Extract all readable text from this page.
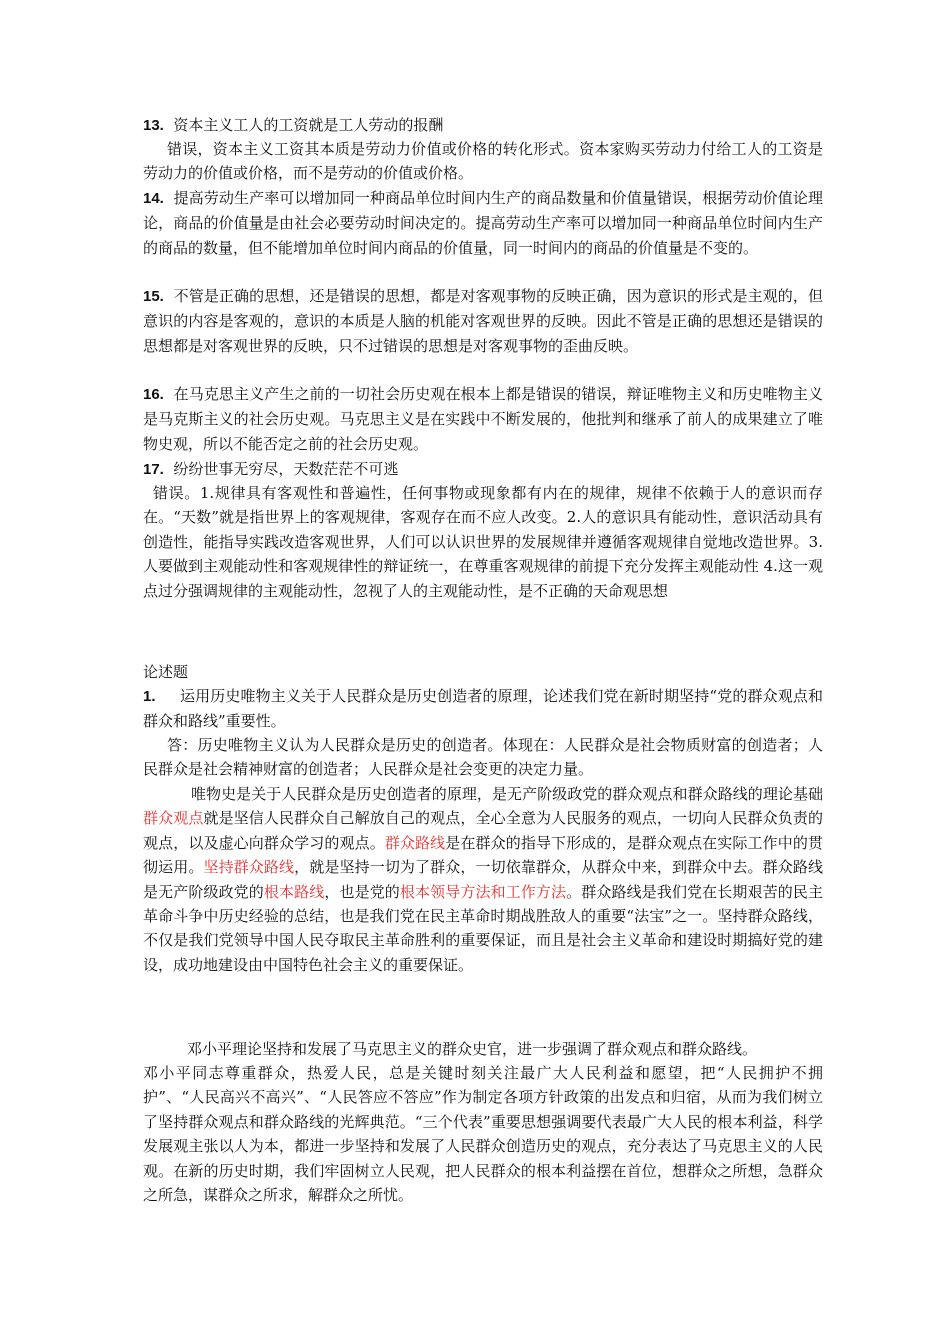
13. 资本主义工人的工资就是工人劳动的报酬

错误，资本主义工资其本质是劳动力价值或价格的转化形式。资本家购买劳动力付给工人的工资是劳动力的价值或价格，而不是劳动的价值或价格。

14. 提高劳动生产率可以增加同一种商品单位时间内生产的商品数量和价值量错误，根据劳动价值论理论，商品的价值量是由社会必要劳动时间决定的。提高劳动生产率可以增加同一种商品单位时间内生产的商品的数量，但不能增加单位时间内商品的价值量，同一时间内的商品的价值量是不变的。

15. 不管是正确的思想，还是错误的思想，都是对客观事物的反映正确，因为意识的形式是主观的，但意识的内容是客观的，意识的本质是人脑的机能对客观世界的反映。因此不管是正确的思想还是错误的思想都是对客观世界的反映，只不过错误的思想是对客观事物的歪曲反映。

16. 在马克思主义产生之前的一切社会历史观在根本上都是错误的错误，辩证唯物主义和历史唯物主义是马克斯主义的社会历史观。马克思主义是在实践中不断发展的，他批判和继承了前人的成果建立了唯物史观，所以不能否定之前的社会历史观。

17. 纷纷世事无穷尽，天数茫茫不可逃

错误。1.规律具有客观性和普遍性，任何事物或现象都有内在的规律，规律不依赖于人的意识而存在。“天数”就是指世界上的客观规律，客观存在而不应人改变。2.人的意识具有能动性，意识活动具有创造性，能指导实践改造客观世界，人们可以认识世界的发展规律并遵循客观规律自觉地改造世界。3.人要做到主观能动性和客观规律性的辩证统一，在尊重客观规律的前提下充分发挥主观能动性 4.这一观点过分强调规律的主观能动性，忽视了人的主观能动性，是不正确的天命观思想

论述题

1. 运用历史唯物主义关于人民群众是历史创造者的原理，论述我们党在新时期坚持“党的群众观点和群众和路线”重要性。

答：历史唯物主义认为人民群众是历史的创造者。体现在：人民群众是社会物质财富的创造者；人民群众是社会精神财富的创造者；人民群众是社会变更的决定力量。

唯物史是关于人民群众是历史创造者的原理，是无产阶级政党的群众观点和群众路线的理论基础群众观点就是坚信人民群众自己解放自己的观点，全心全意为人民服务的观点，一切向人民群众负责的观点，以及虚心向群众学习的观点。群众路线是在群众的指导下形成的，是群众观点在实际工作中的贯彻运用。坚持群众路线，就是坚持一切为了群众，一切依靠群众，从群众中来，到群众中去。群众路线是无产阶级政党的根本路线，也是党的根本领导方法和工作方法。群众路线是我们党在长期艰苦的民主革命斗争中历史经验的总结，也是我们党在民主革命时期战胜敌人的重要“法宝”之一。坚持群众路线，不仅是我们党领导中国人民夺取民主革命胜利的重要保证，而且是社会主义革命和建设时期搞好党的建设，成功地建设由中国特色社会主义的重要保证。

邓小平理论坚持和发展了马克思主义的群众史官，进一步强调了群众观点和群众路线。

邓小平同志尊重群众，热爱人民，总是关键时刻关注最广大人民利益和愿望，把“人民拥护不拥护”、“人民高兴不高兴”、“人民答应不答应”作为制定各项方针政策的出发点和归宿，从而为我们树立了坚持群众观点和群众路线的光辉典范。“三个代表”重要思想强调要代表最广大人民的根本利益，科学发展观主张以人为本，都进一步坚持和发展了人民群众创造历史的观点，充分表达了马克思主义的人民观。在新的历史时期，我们牢固树立人民观，把人民群众的根本利益摆在首位，想群众之所想，急群众之所急，谋群众之所求，解群众之所忧。
